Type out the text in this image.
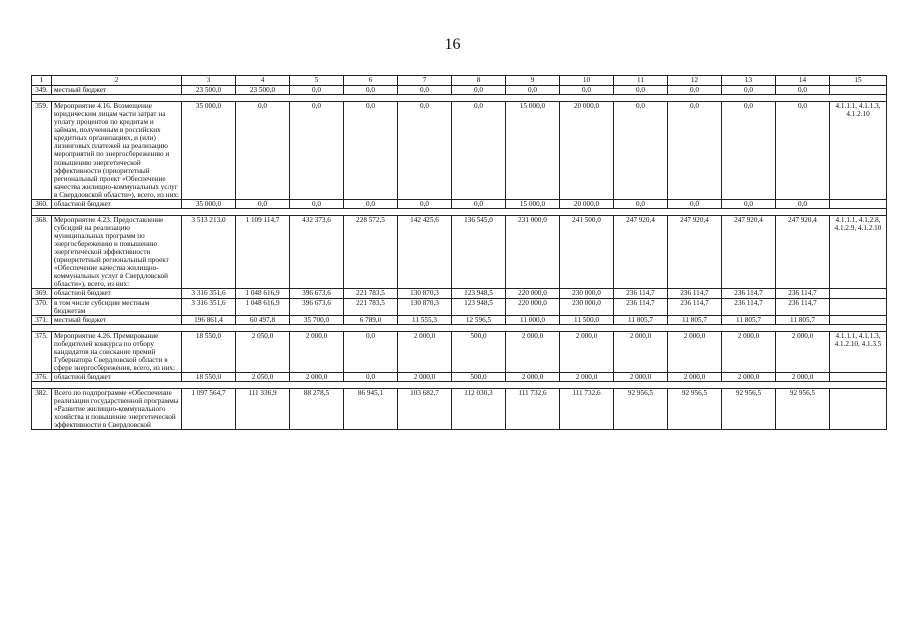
16
1	2	3	4	5	6	7	8	9	10	11	12	13	14	15
349.	местный бюджет	23 500,0	23 500,0	0,0	0,0	0,0	0,0	0,0	0,0	0,0	0,0	0,0	0,0	

359.	Мероприятие 4.16. Возмещение юридическим лицам части затрат на уплату процентов по кредитам и займам, полученным в российских кредитных организациях, и (или) лизинговых платежей на реализацию мероприятий по энергосбережению и повышению энергетической эффективности (приоритетный региональный проект «Обеспечение качества жилищно-коммунальных услуг в Свердловской области»), всего, из них:	35 000,0	0,0	0,0	0,0	0,0	0,0	15 000,0	20 000,0	0,0	0,0	0,0	0,0	4.1.1.1, 4.1.1.3, 4.1.2.10
360.	областной бюджет	35 000,0	0,0	0,0	0,0	0,0	0,0	15 000,0	20 000,0	0,0	0,0	0,0	0,0	

368.	Мероприятие 4.23. Предоставление субсидий на реализацию муниципальных программ по энергосбережению и повышению энергетической эффективности (приоритетный региональный проект «Обеспечение качества жилищно-коммунальных услуг в Свердловской области»), всего, из них:	3 513 213,0	1 109 114,7	432 373,6	228 572,5	142 425,6	136 545,0	231 000,0	241 500,0	247 920,4	247 920,4	247 920,4	247 920,4	4.1.1.1, 4.1.2.8, 4.1.2.9, 4.1.2.10
369.	областной бюджет	3 316 351,6	1 048 616,9	396 673,6	221 783,5	130 870,3	123 948,5	220 000,0	230 000,0	236 114,7	236 114,7	236 114,7	236 114,7	
370.	в том числе субсидии местным бюджетам	3 316 351,6	1 048 616,9	396 673,6	221 783,5	130 870,3	123 948,5	220 000,0	230 000,0	236 114,7	236 114,7	236 114,7	236 114,7	
371.	местный бюджет	196 861,4	60 497,8	35 700,0	6 789,0	11 555,3	12 596,5	11 000,0	11 500,0	11 805,7	11 805,7	11 805,7	11 805,7	

375.	Мероприятие 4.26. Премирование победителей конкурса по отбору кандидатов на соискание премий Губернатора Свердловской области в сфере энергосбережения, всего, из них:	18 550,0	2 050,0	2 000,0	0,0	2 000,0	500,0	2 000,0	2 000,0	2 000,0	2 000,0	2 000,0	2 000,0	4.1.1.1, 4.1.1.3, 4.1.2.10, 4.1.3.5
376.	областной бюджет	18 550,0	2 050,0	2 000,0	0,0	2 000,0	500,0	2 000,0	2 000,0	2 000,0	2 000,0	2 000,0	2 000,0	

382.	Всего по подпрограмме «Обеспечение реализации государственной программы «Развитие жилищно-коммунального хозяйства и повышение энергетической эффективности в Свердловской	1 097 564,7	111 336,9	88 278,5	86 945,1	103 682,7	112 030,3	111 732,6	111 732,6	92 956,5	92 956,5	92 956,5	92 956,5	
